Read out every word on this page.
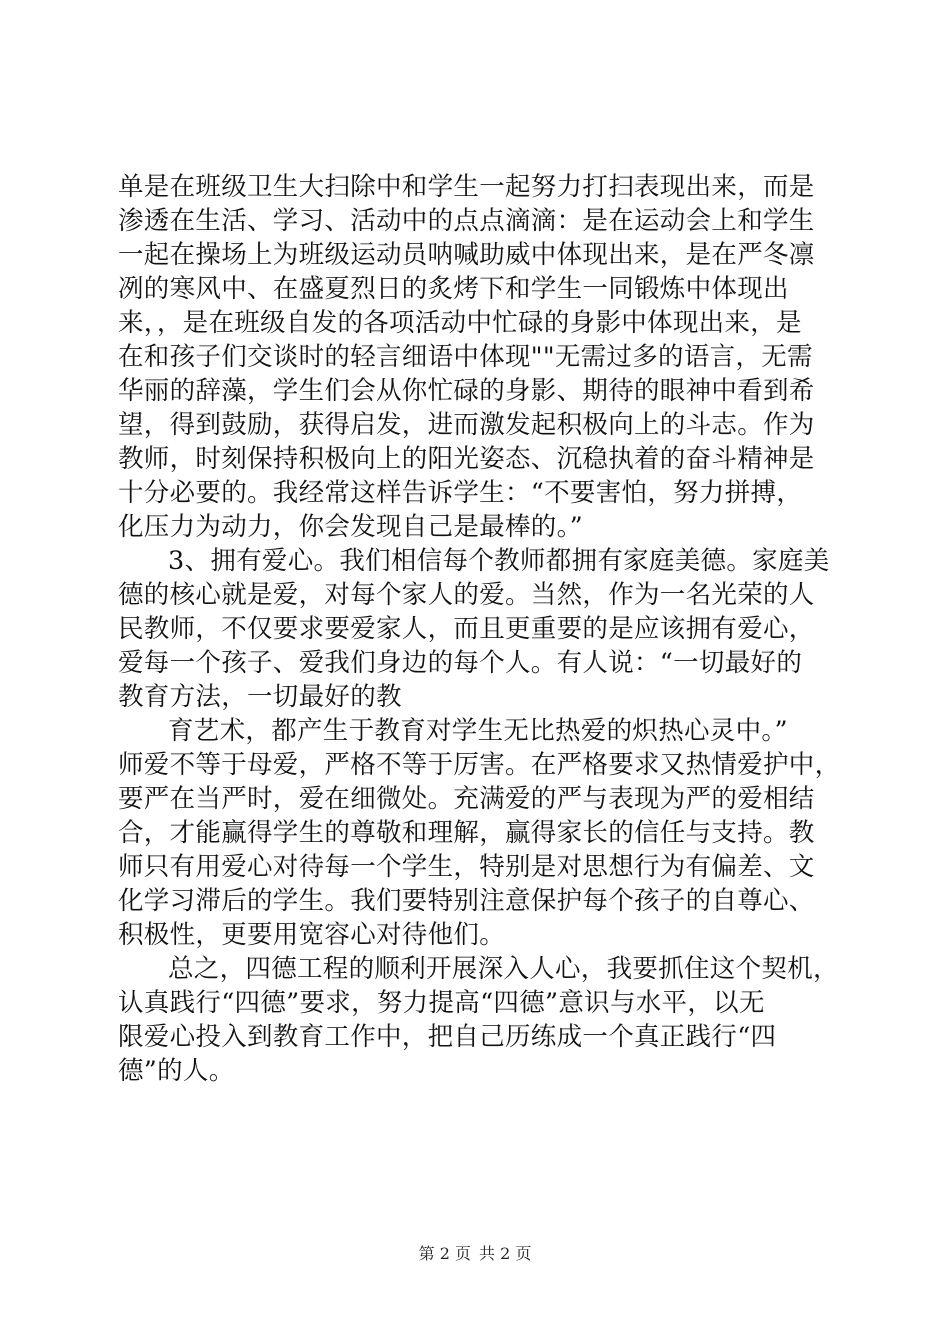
单是在班级卫生大扫除中和学生一起努力打扫表现出来，而是
渗透在生活、学习、活动中的点点滴滴：是在运动会上和学生
一起在操场上为班级运动员呐喊助威中体现出来，是在严冬凛
冽的寒风中、在盛夏烈日的炙烤下和学生一同锻炼中体现出
来，，是在班级自发的各项活动中忙碌的身影中体现出来，是
在和孩子们交谈时的轻言细语中体现""无需过多的语言，无需
华丽的辞藻，学生们会从你忙碌的身影、期待的眼神中看到希
望，得到鼓励，获得启发，进而激发起积极向上的斗志。作为
教师，时刻保持积极向上的阳光姿态、沉稳执着的奋斗精神是
十分必要的。我经常这样告诉学生：“不要害怕，努力拼搏，
化压力为动力，你会发现自己是最棒的。”
3、拥有爱心。我们相信每个教师都拥有家庭美德。家庭美
德的核心就是爱，对每个家人的爱。当然，作为一名光荣的人
民教师，不仅要求要爱家人，而且更重要的是应该拥有爱心，
爱每一个孩子、爱我们身边的每个人。有人说：“一切最好的
教育方法，一切最好的教
育艺术，都产生于教育对学生无比热爱的炽热心灵中。”
师爱不等于母爱，严格不等于厉害。在严格要求又热情爱护中，
要严在当严时，爱在细微处。充满爱的严与表现为严的爱相结
合，才能赢得学生的尊敬和理解，赢得家长的信任与支持。教
师只有用爱心对待每一个学生，特别是对思想行为有偏差、文
化学习滞后的学生。我们要特别注意保护每个孩子的自尊心、
积极性，更要用宽容心对待他们。
总之，四德工程的顺利开展深入人心，我要抓住这个契机，
认真践行“四德”要求，努力提高“四德”意识与水平，以无
限爱心投入到教育工作中，把自己历练成一个真正践行“四
德”的人。
第 2 页 共 2 页
